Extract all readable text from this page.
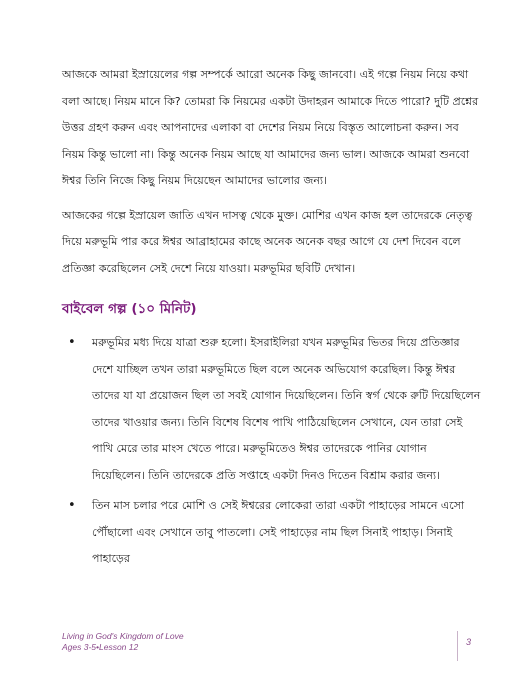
আজকে আমরা ইস্রায়েলের গল্প সম্পর্কে আরো অনেক কিছু জানবো। এই গল্পে নিয়ম নিয়ে কথা বলা আছে। নিয়ম মানে কি? তোমরা কি নিয়মের একটা উদাহরন আমাকে দিতে পারো? দুটি প্রশ্নের উত্তর গ্রহণ করুন এবং আপনাদের এলাকা বা দেশের নিয়ম নিয়ে বিস্তৃত আলোচনা করুন। সব নিয়ম কিন্তু ভালো না। কিন্তু অনেক নিয়ম আছে যা আমাদের জন্য ভাল। আজকে আমরা শুনবো ঈশ্বর তিনি নিজে কিছু নিয়ম দিয়েছেন আমাদের ভালোর জন্য।

আজকের গল্পে ইস্রায়েল জাতি এখন দাসত্ব থেকে মুক্ত। মোশির এখন কাজ হল তাদেরকে নেতৃত্ব দিয়ে মরুভূমি পার করে ঈশ্বর আব্রাহামের কাছে অনেক অনেক বছর আগে যে দেশ দিবেন বলে প্রতিজ্ঞা করেছিলেন সেই দেশে নিয়ে যাওয়া। মরুভূমির ছবিটি দেখান।

বাইবেল গল্প (১০ মিনিট)
• মরুভূমির মধ্য দিয়ে যাত্রা শুরু হলো। ইসরাইলিরা যখন মরুভূমির ভিতর দিয়ে প্রতিজ্ঞার দেশে যাচ্ছিল তখন তারা মরুভূমিতে ছিল বলে অনেক অভিযোগ করেছিল। কিন্তু ঈশ্বর তাদের যা যা প্রয়োজন ছিল তা সবই যোগান দিয়েছিলেন। তিনি স্বর্গ থেকে রুটি দিয়েছিলেন তাদের খাওয়ার জন্য। তিনি বিশেষ বিশেষ পাখি পাঠিয়েছিলেন সেখানে, যেন তারা সেই পাখি মেরে তার মাংস খেতে পারে। মরুভূমিতেও ঈশ্বর তাদেরকে পানির যোগান দিয়েছিলেন। তিনি তাদেরকে প্রতি সপ্তাহে একটা দিনও দিতেন বিশ্রাম করার জন্য।
• তিন মাস চলার পরে মোশি ও সেই ঈশ্বরের লোকেরা তারা একটা পাহাড়ের সামনে এসো পৌঁছালো এবং সেখানে তাবু পাতলো। সেই পাহাড়ের নাম ছিল সিনাই পাহাড়। সিনাই পাহাড়ের
Living in God's Kingdom of Love
Ages 3-5•Lesson 12	3
